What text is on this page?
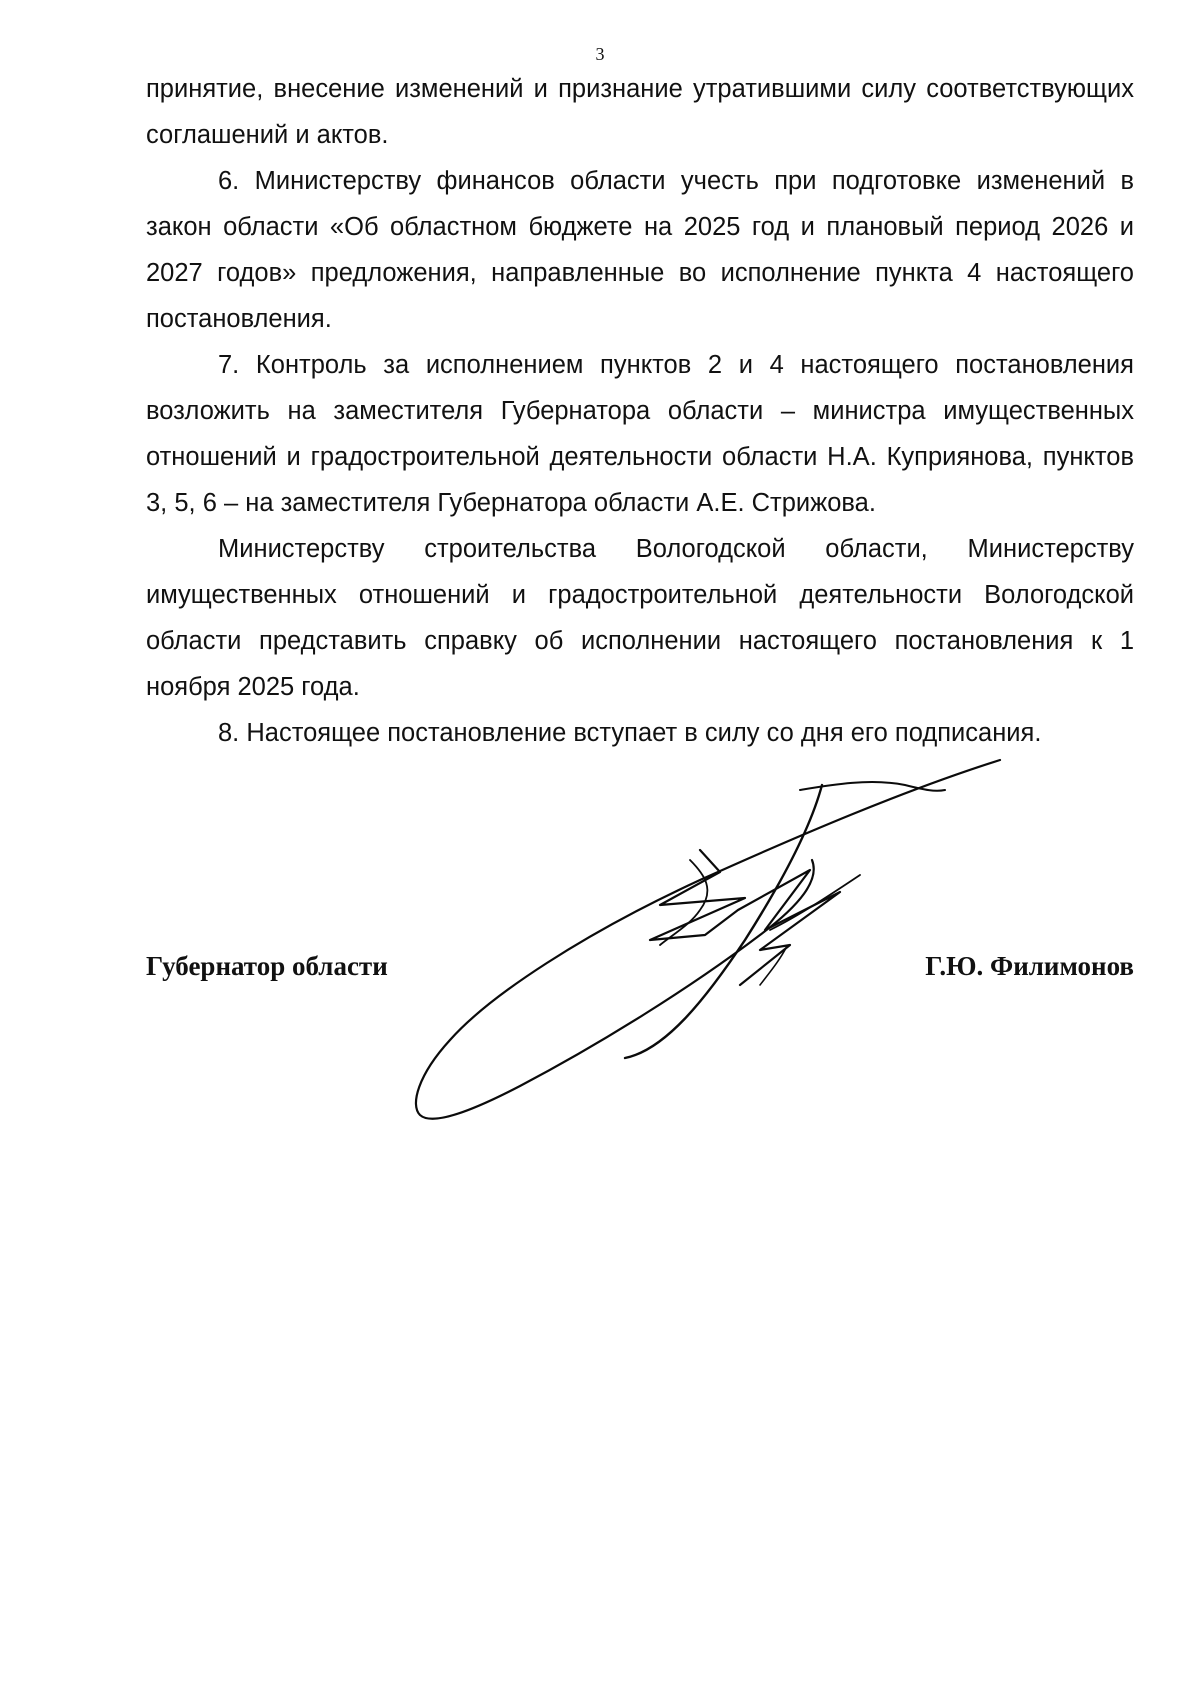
3

принятие, внесение изменений и признание утратившими силу соответствующих соглашений и актов.

6. Министерству финансов области учесть при подготовке изменений в закон области «Об областном бюджете на 2025 год и плановый период 2026 и 2027 годов» предложения, направленные во исполнение пункта 4 настоящего постановления.

7. Контроль за исполнением пунктов 2 и 4 настоящего постановления возложить на заместителя Губернатора области – министра имущественных отношений и градостроительной деятельности области Н.А. Куприянова, пунктов 3, 5, 6 – на заместителя Губернатора области А.Е. Стрижова.

Министерству строительства Вологодской области, Министерству имущественных отношений и градостроительной деятельности Вологодской области представить справку об исполнении настоящего постановления к 1 ноября 2025 года.

8. Настоящее постановление вступает в силу со дня его подписания.

Губернатор области	Г.Ю. Филимонов
